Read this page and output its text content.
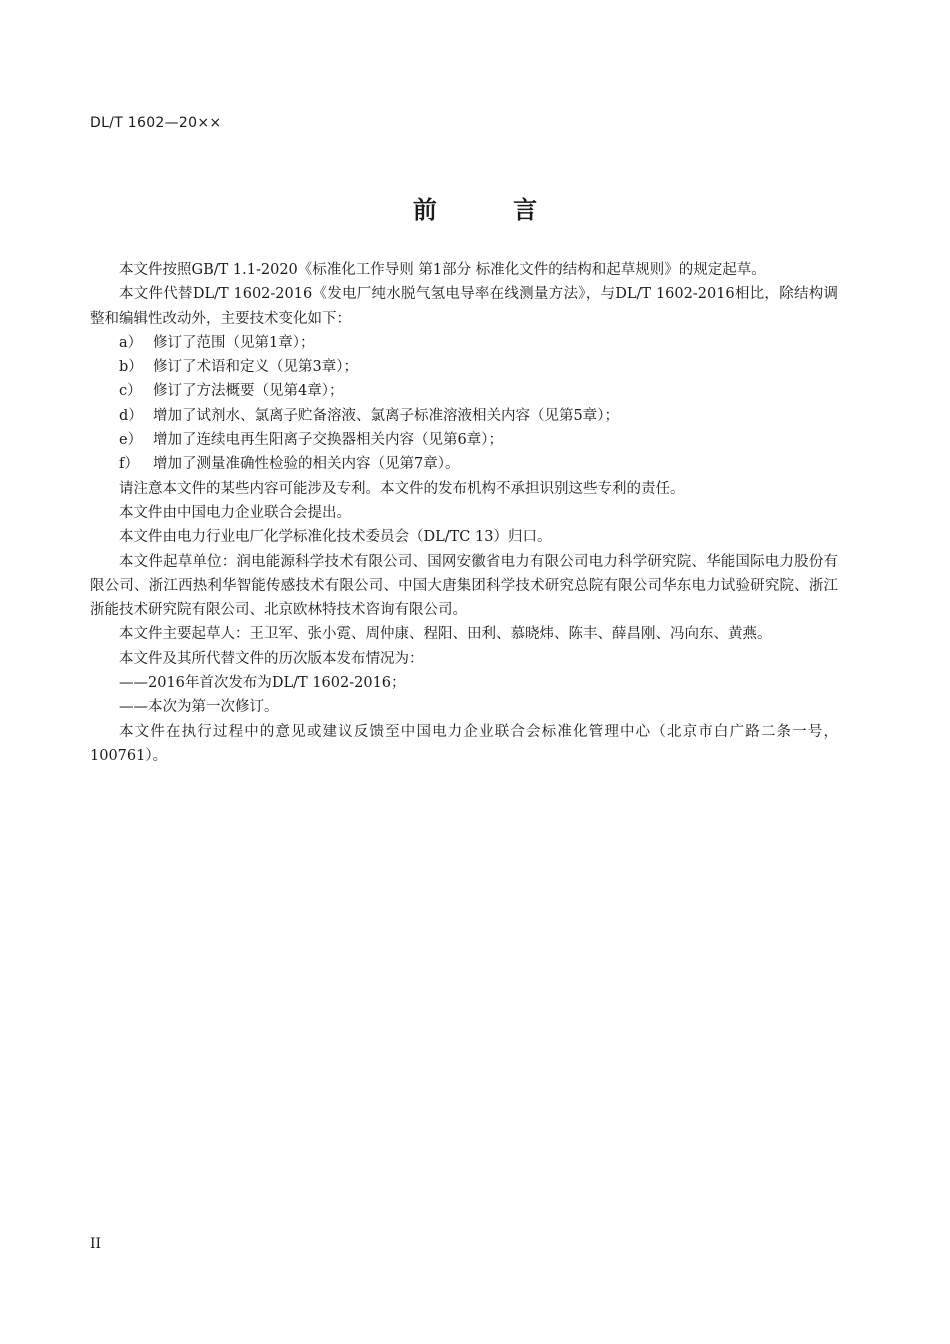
DL/T 1602—20××
前 言

本文件按照GB/T 1.1-2020《标准化工作导则 第1部分 标准化文件的结构和起草规则》的规定起草。

本文件代替DL/T 1602-2016《发电厂纯水脱气氢电导率在线测量方法》，与DL/T 1602-2016相比，除结构调整和编辑性改动外，主要技术变化如下：

a） 修订了范围（见第1章）；

b） 修订了术语和定义（见第3章）；

c） 修订了方法概要（见第4章）；

d） 增加了试剂水、氯离子贮备溶液、氯离子标准溶液相关内容（见第5章）；

e） 增加了连续电再生阳离子交换器相关内容（见第6章）；

f） 增加了测量准确性检验的相关内容（见第7章）。

请注意本文件的某些内容可能涉及专利。本文件的发布机构不承担识别这些专利的责任。

本文件由中国电力企业联合会提出。

本文件由电力行业电厂化学标准化技术委员会（DL/TC 13）归口。

本文件起草单位：润电能源科学技术有限公司、国网安徽省电力有限公司电力科学研究院、华能国际电力股份有限公司、浙江西热利华智能传感技术有限公司、中国大唐集团科学技术研究总院有限公司华东电力试验研究院、浙江浙能技术研究院有限公司、北京欧林特技术咨询有限公司。

本文件主要起草人：王卫军、张小霓、周仲康、程阳、田利、慕晓炜、陈丰、薛昌刚、冯向东、黄燕。

本文件及其所代替文件的历次版本发布情况为：

——2016年首次发布为DL/T 1602-2016；

——本次为第一次修订。

本文件在执行过程中的意见或建议反馈至中国电力企业联合会标准化管理中心（北京市白广路二条一号，100761）。

II
